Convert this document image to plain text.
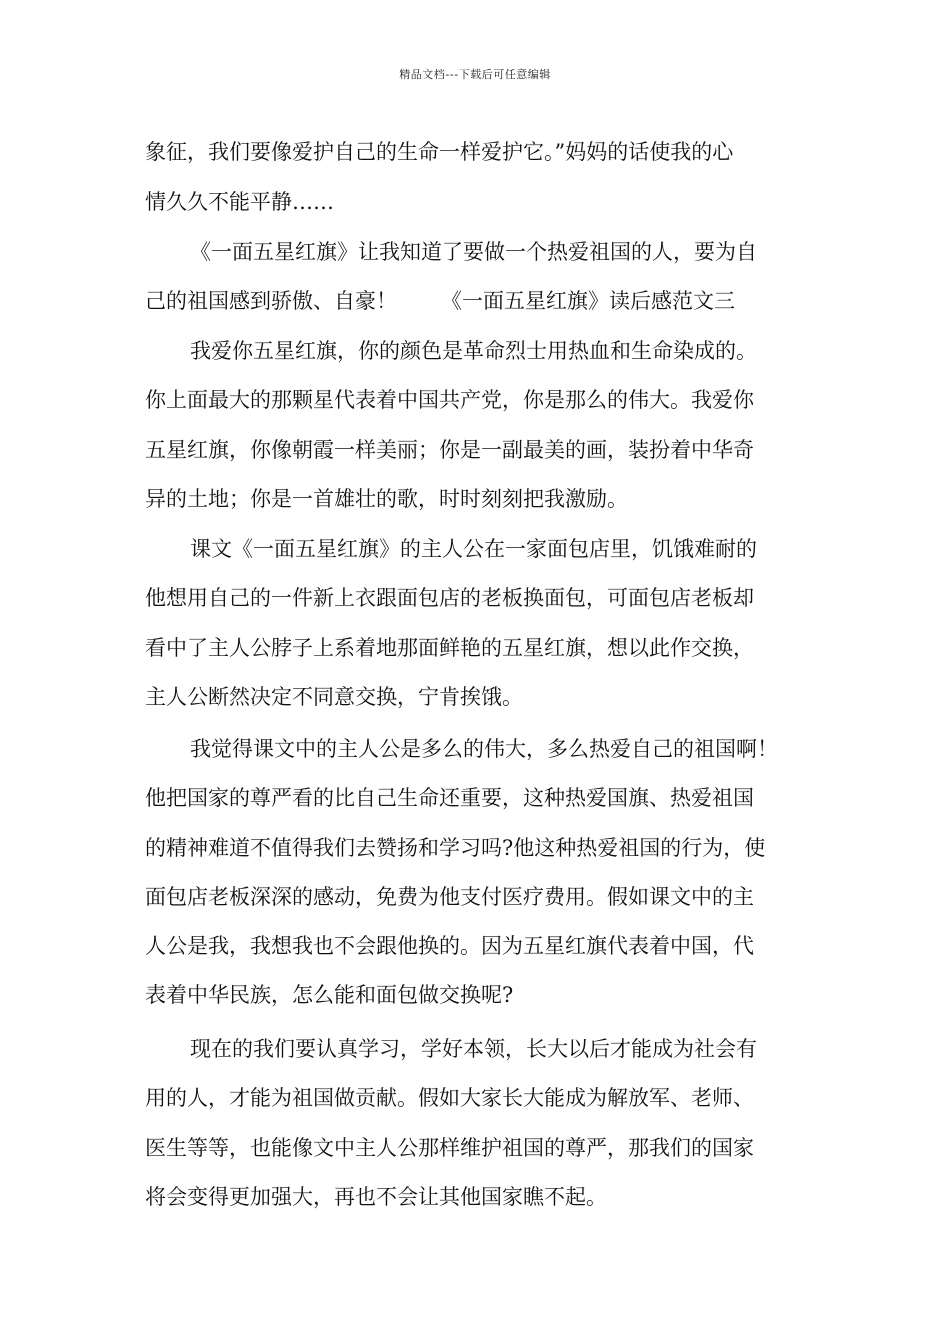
精品文档---下载后可任意编辑
象征，我们要像爱护自己的生命一样爱护它。”妈妈的话使我的心
情久久不能平静……
《一面五星红旗》让我知道了要做一个热爱祖国的人，要为自
己的祖国感到骄傲、自豪！ 《一面五星红旗》读后感范文三
我爱你五星红旗，你的颜色是革命烈士用热血和生命染成的。
你上面最大的那颗星代表着中国共产党，你是那么的伟大。我爱你
五星红旗，你像朝霞一样美丽；你是一副最美的画，装扮着中华奇
异的土地；你是一首雄壮的歌，时时刻刻把我激励。
课文《一面五星红旗》的主人公在一家面包店里，饥饿难耐的
他想用自己的一件新上衣跟面包店的老板换面包，可面包店老板却
看中了主人公脖子上系着地那面鲜艳的五星红旗，想以此作交换，
主人公断然决定不同意交换，宁肯挨饿。
我觉得课文中的主人公是多么的伟大，多么热爱自己的祖国啊！
他把国家的尊严看的比自己生命还重要，这种热爱国旗、热爱祖国
的精神难道不值得我们去赞扬和学习吗?他这种热爱祖国的行为，使
面包店老板深深的感动，免费为他支付医疗费用。假如课文中的主
人公是我，我想我也不会跟他换的。因为五星红旗代表着中国，代
表着中华民族，怎么能和面包做交换呢?
现在的我们要认真学习，学好本领，长大以后才能成为社会有
用的人，才能为祖国做贡献。假如大家长大能成为解放军、老师、
医生等等，也能像文中主人公那样维护祖国的尊严，那我们的国家
将会变得更加强大，再也不会让其他国家瞧不起。
